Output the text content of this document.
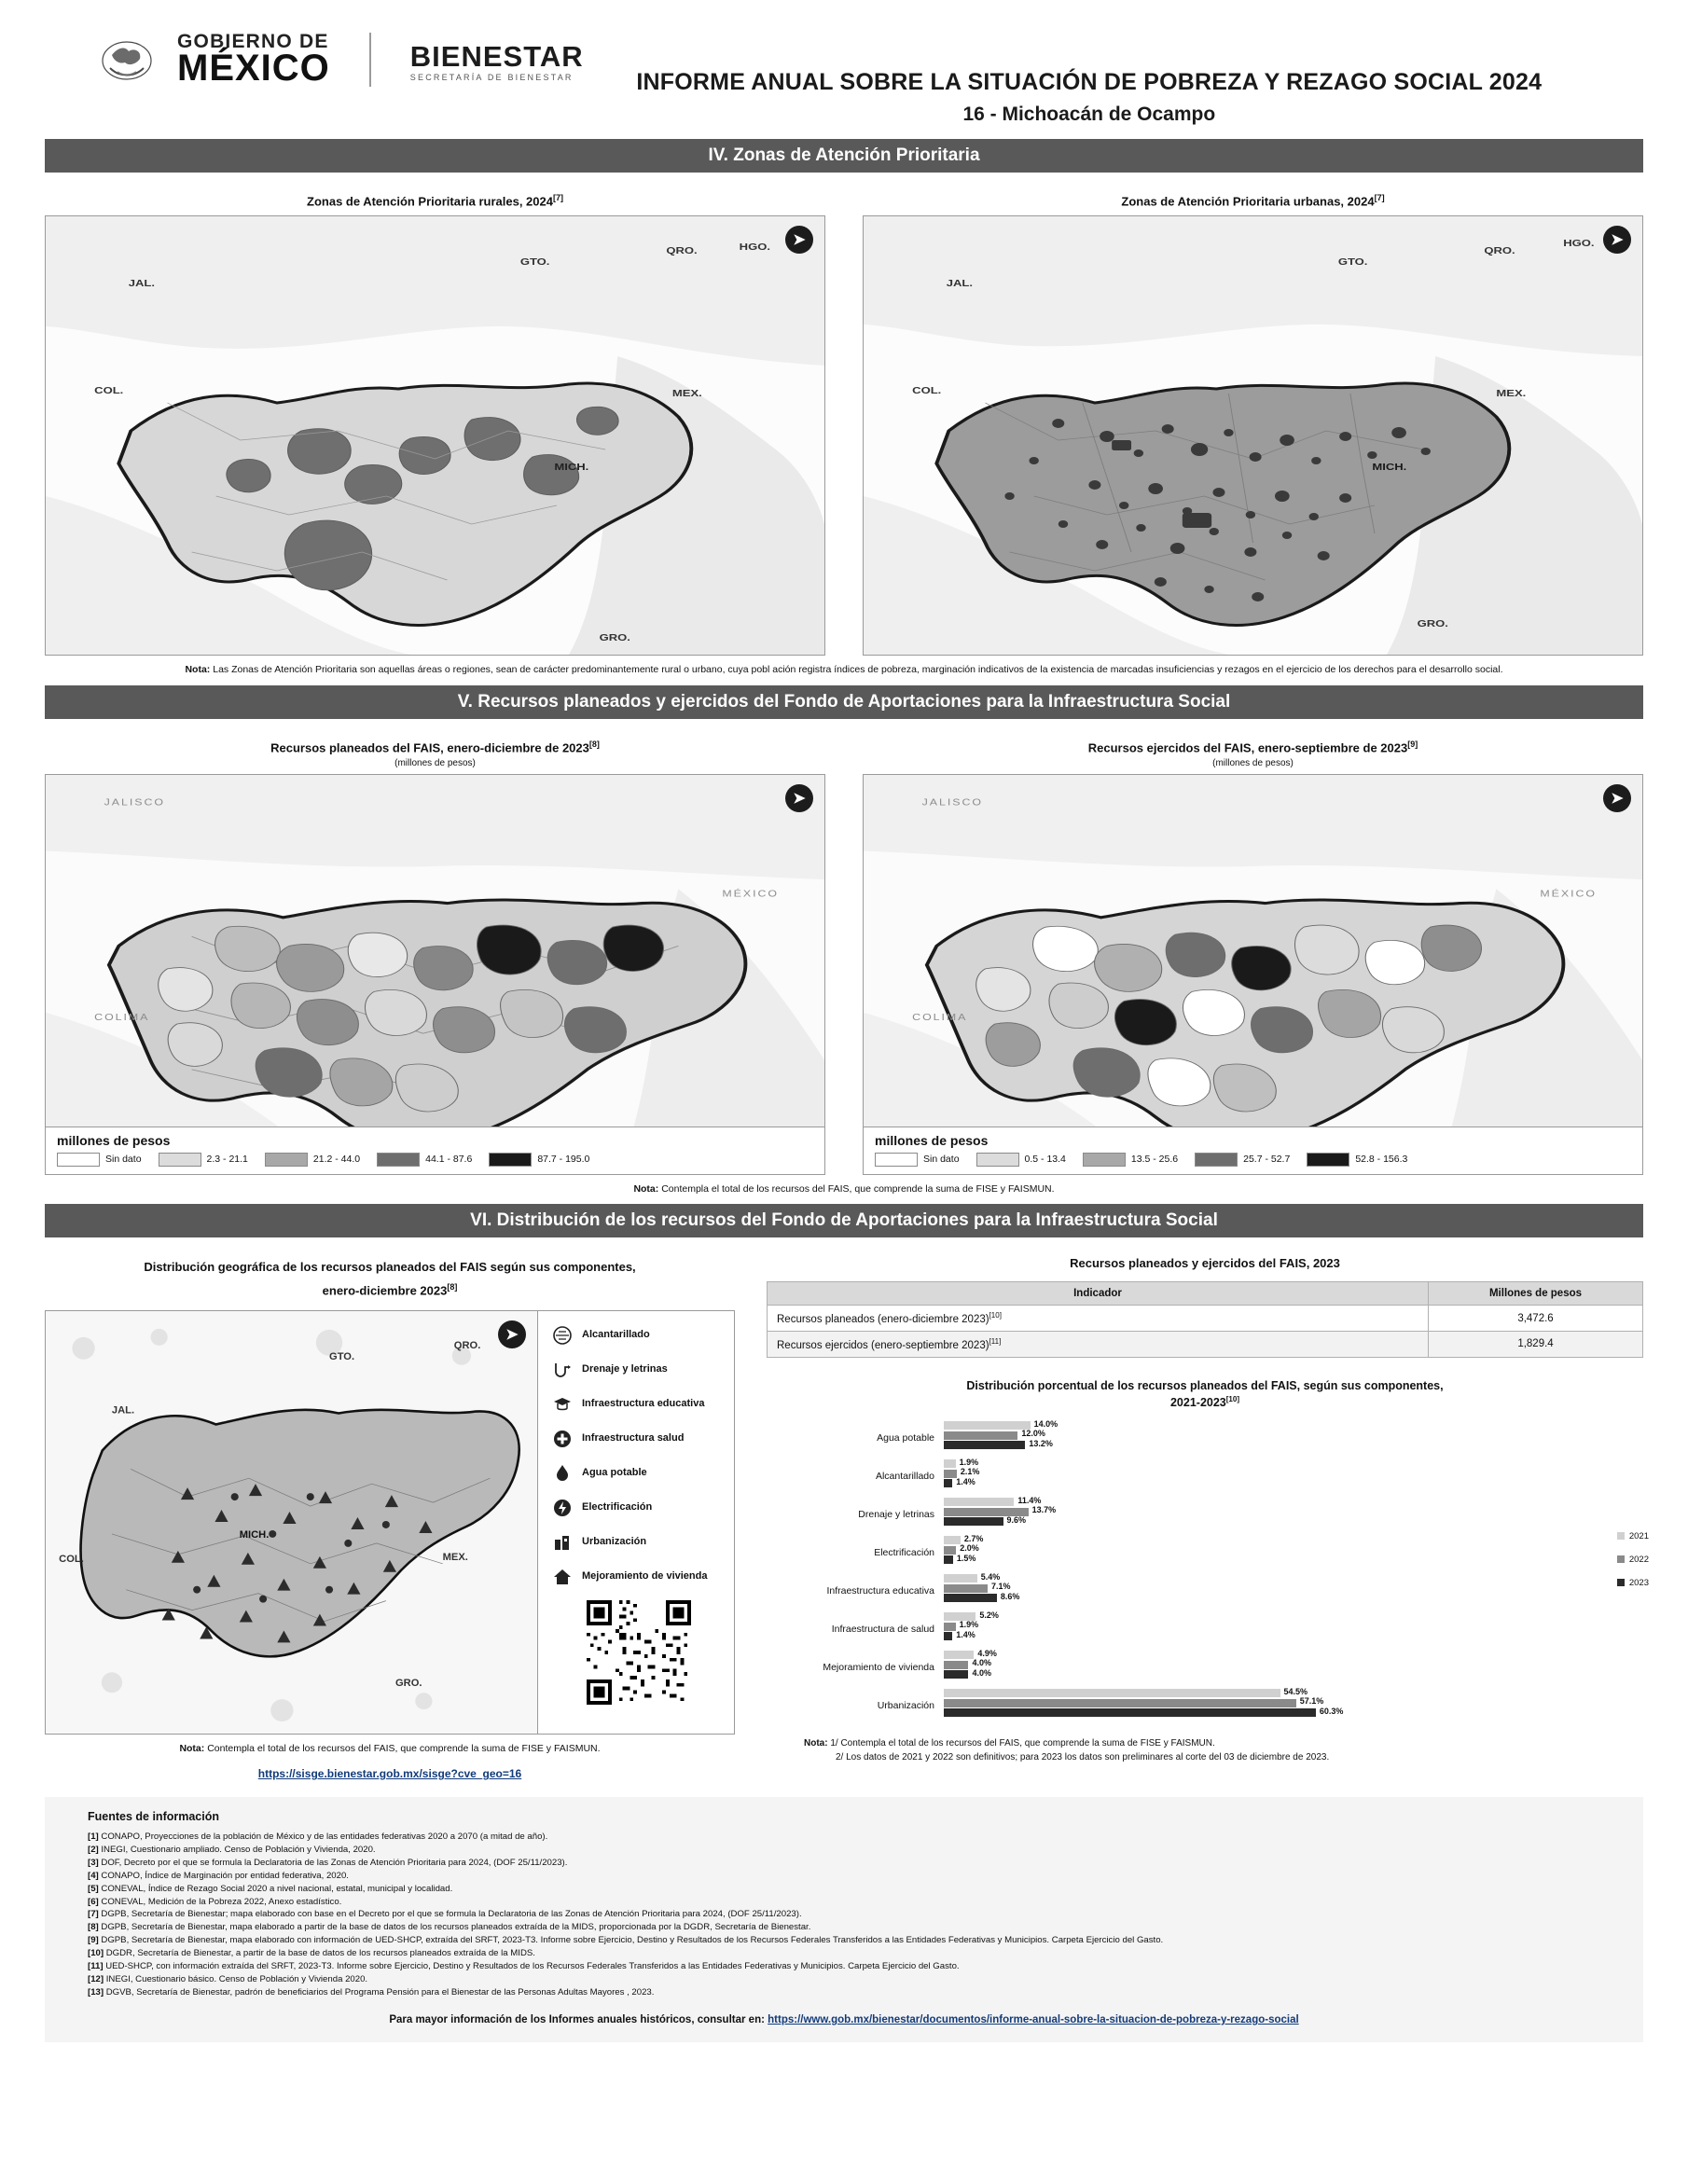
GOBIERNO DE
MÉXICO	BIENESTAR
SECRETARÍA DE BIENESTAR	INFORME ANUAL SOBRE LA SITUACIÓN DE POBREZA Y REZAGO SOCIAL 2024
16 - Michoacán de Ocampo
IV. Zonas de Atención Prioritaria
Zonas de Atención Prioritaria rurales, 2024[7]
JAL.
GTO.
QRO.	HGO.
COL.	MEX.
MICH.
GRO.
➤
Zonas de Atención Prioritaria urbanas, 2024[7]
JAL.
GTO.
QRO.
HGO.
COL.	MEX.
MICH.
GRO.
➤
Nota: Las Zonas de Atención Prioritaria son aquellas áreas o regiones, sean de carácter predominantemente rural o urbano, cuya pobl ación registra índices de pobreza, marginación indicativos de la existencia de marcadas insuficiencias y rezagos en el ejercicio de los derechos para el desarrollo social.
V. Recursos planeados y ejercidos del Fondo de Aportaciones para la Infraestructura Social
Recursos planeados del FAIS, enero-diciembre de 2023[8]
(millones de pesos)
JALISCO
COLIMA
MÉXICO
➤
millones de pesos
Sin dato	2.3 - 21.1	21.2 - 44.0	44.1 - 87.6	87.7 - 195.0
Recursos ejercidos del FAIS, enero-septiembre de 2023[9]
(millones de pesos)
JALISCO
COLIMA
MÉXICO
➤
millones de pesos
Sin dato	0.5 - 13.4	13.5 - 25.6	25.7 - 52.7	52.8 - 156.3
Nota: Contempla el total de los recursos del FAIS, que comprende la suma de FISE y FAISMUN.
VI. Distribución de los recursos del Fondo de Aportaciones para la Infraestructura Social
Distribución geográfica de los recursos planeados del FAIS según sus componentes,
enero-diciembre 2023[8]
GTO.
QRO.
JAL.
COL.	MEX.
MICH.
GRO.
➤	Alcantarillado
Drenaje y letrinas
Infraestructura educativa
Infraestructura salud
Agua potable
Electrificación
Urbanización
Mejoramiento de vivienda
Nota: Contempla el total de los recursos del FAIS, que comprende la suma de FISE y FAISMUN.
https://sisge.bienestar.gob.mx/sisge?cve_geo=16
Recursos planeados y ejercidos del FAIS, 2023
Indicador	Millones de pesos
Recursos planeados (enero-diciembre 2023)[10]	3,472.6
Recursos ejercidos (enero-septiembre 2023)[11]	1,829.4
Distribución porcentual de los recursos planeados del FAIS, según sus componentes,
2021-2023[10]
Agua potable
14.0%
12.0%
13.2%
Alcantarillado
1.9%
2.1%
1.4%
Drenaje y letrinas
11.4%
13.7%
9.6%
Electrificación
2.7%
2.0%
1.5%
Infraestructura educativa
5.4%
7.1%
8.6%
Infraestructura de salud
5.2%
1.9%
1.4%
Mejoramiento de vivienda
4.9%
4.0%
4.0%
Urbanización
54.5%
57.1%
60.3%
2021
2022
2023
Nota: 1/ Contempla el total de los recursos del FAIS, que comprende la suma de FISE y FAISMUN.
2/ Los datos de 2021 y 2022 son definitivos; para 2023 los datos son preliminares al corte del 03 de diciembre de 2023.
Fuentes de información
[1] CONAPO, Proyecciones de la población de México y de las entidades federativas 2020 a 2070 (a mitad de año).
[2] INEGI, Cuestionario ampliado. Censo de Población y Vivienda, 2020.
[3] DOF, Decreto por el que se formula la Declaratoria de las Zonas de Atención Prioritaria para 2024, (DOF 25/11/2023).
[4] CONAPO, Índice de Marginación por entidad federativa, 2020.
[5] CONEVAL, Índice de Rezago Social 2020 a nivel nacional, estatal, municipal y localidad.
[6] CONEVAL, Medición de la Pobreza 2022, Anexo estadístico.
[7] DGPB, Secretaría de Bienestar; mapa elaborado con base en el Decreto por el que se formula la Declaratoria de las Zonas de Atención Prioritaria para 2024, (DOF 25/11/2023).
[8] DGPB, Secretaría de Bienestar, mapa elaborado a partir de la base de datos de los recursos planeados extraída de la MIDS, proporcionada por la DGDR, Secretaría de Bienestar.
[9] DGPB, Secretaría de Bienestar, mapa elaborado con información de UED-SHCP, extraída del SRFT, 2023-T3. Informe sobre Ejercicio, Destino y Resultados de los Recursos Federales Transferidos a las Entidades Federativas y Municipios. Carpeta Ejercicio del Gasto.
[10] DGDR, Secretaría de Bienestar, a partir de la base de datos de los recursos planeados extraída de la MIDS.
[11] UED-SHCP, con información extraída del SRFT, 2023-T3. Informe sobre Ejercicio, Destino y Resultados de los Recursos Federales Transferidos a las Entidades Federativas y Municipios. Carpeta Ejercicio del Gasto.
[12] INEGI, Cuestionario básico. Censo de Población y Vivienda 2020.
[13] DGVB, Secretaría de Bienestar, padrón de beneficiarios del Programa Pensión para el Bienestar de las Personas Adultas Mayores , 2023.
Para mayor información de los Informes anuales históricos, consultar en: https://www.gob.mx/bienestar/documentos/informe-anual-sobre-la-situacion-de-pobreza-y-rezago-social
